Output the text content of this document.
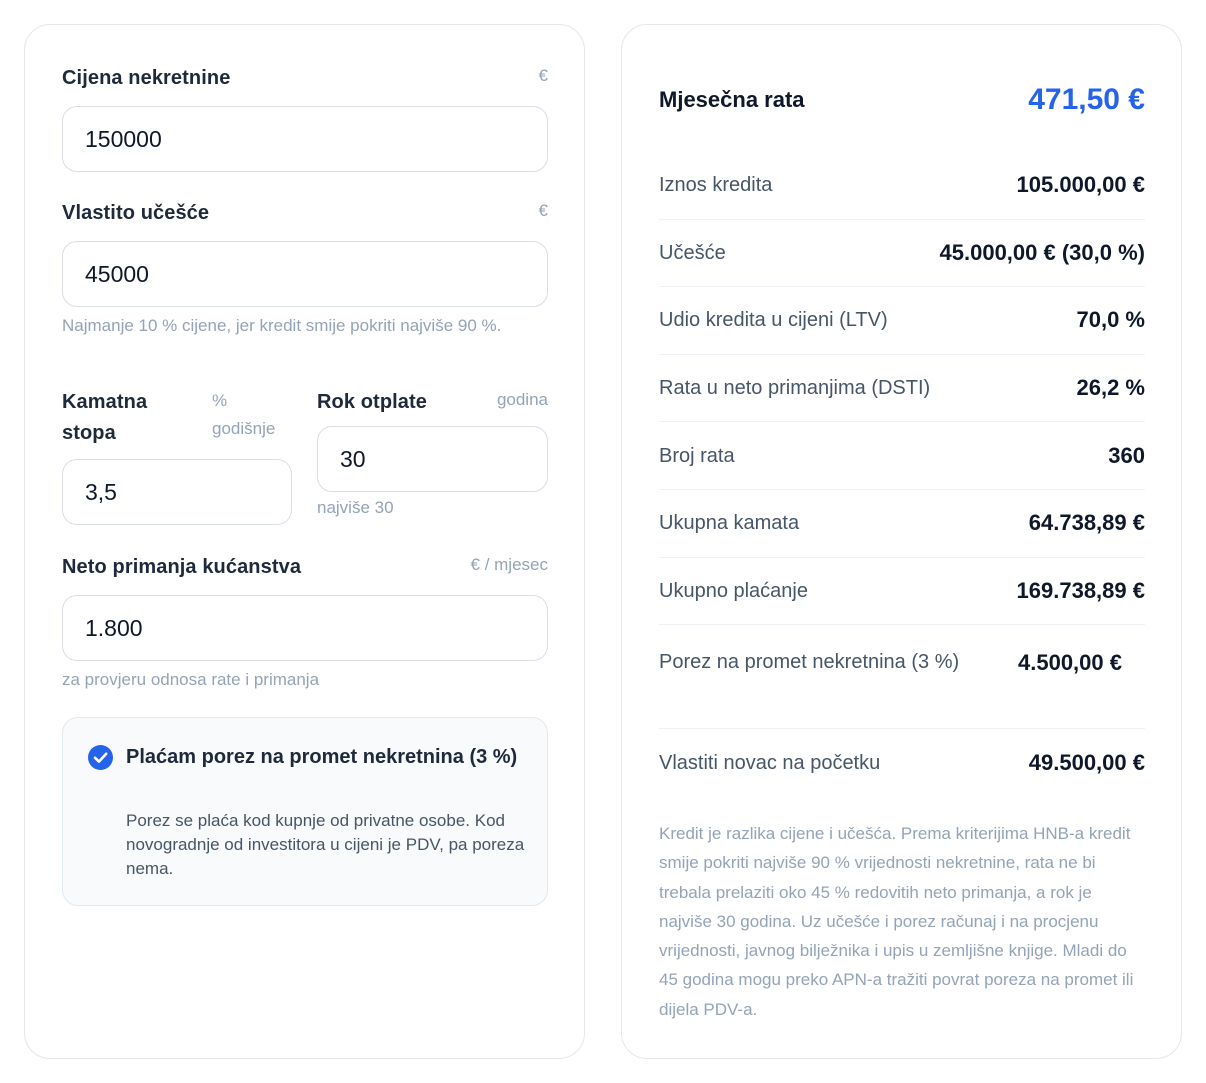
Cijena nekretnine	€
150000
Vlastito učešće	€
45000
Najmanje 10 % cijene, jer kredit smije pokriti najviše 90 %.
Kamatna stopa
% godišnje
3,5
Rok otplate	godina
30
najviše 30
Neto primanja kućanstva	€ / mjesec
1.800
za provjeru odnosa rate i primanja
Plaćam porez na promet nekretnina (3 %)
Porez se plaća kod kupnje od privatne osobe. Kod novogradnje od investitora u cijeni je PDV, pa poreza nema.
Mjesečna rata	471,50 €
Iznos kredita	105.000,00 €
Učešće	45.000,00 € (30,0 %)
Udio kredita u cijeni (LTV)	70,0 %
Rata u neto primanjima (DSTI)	26,2 %
Broj rata	360
Ukupna kamata	64.738,89 €
Ukupno plaćanje	169.738,89 €
Porez na promet nekretnina (3 %)	4.500,00 €
Vlastiti novac na početku	49.500,00 €
Kredit je razlika cijene i učešća. Prema kriterijima HNB-a kredit smije pokriti najviše 90 % vrijednosti nekretnine, rata ne bi trebala prelaziti oko 45 % redovitih neto primanja, a rok je najviše 30 godina. Uz učešće i porez računaj i na procjenu vrijednosti, javnog bilježnika i upis u zemljišne knjige. Mladi do 45 godina mogu preko APN-a tražiti povrat poreza na promet ili dijela PDV-a.
